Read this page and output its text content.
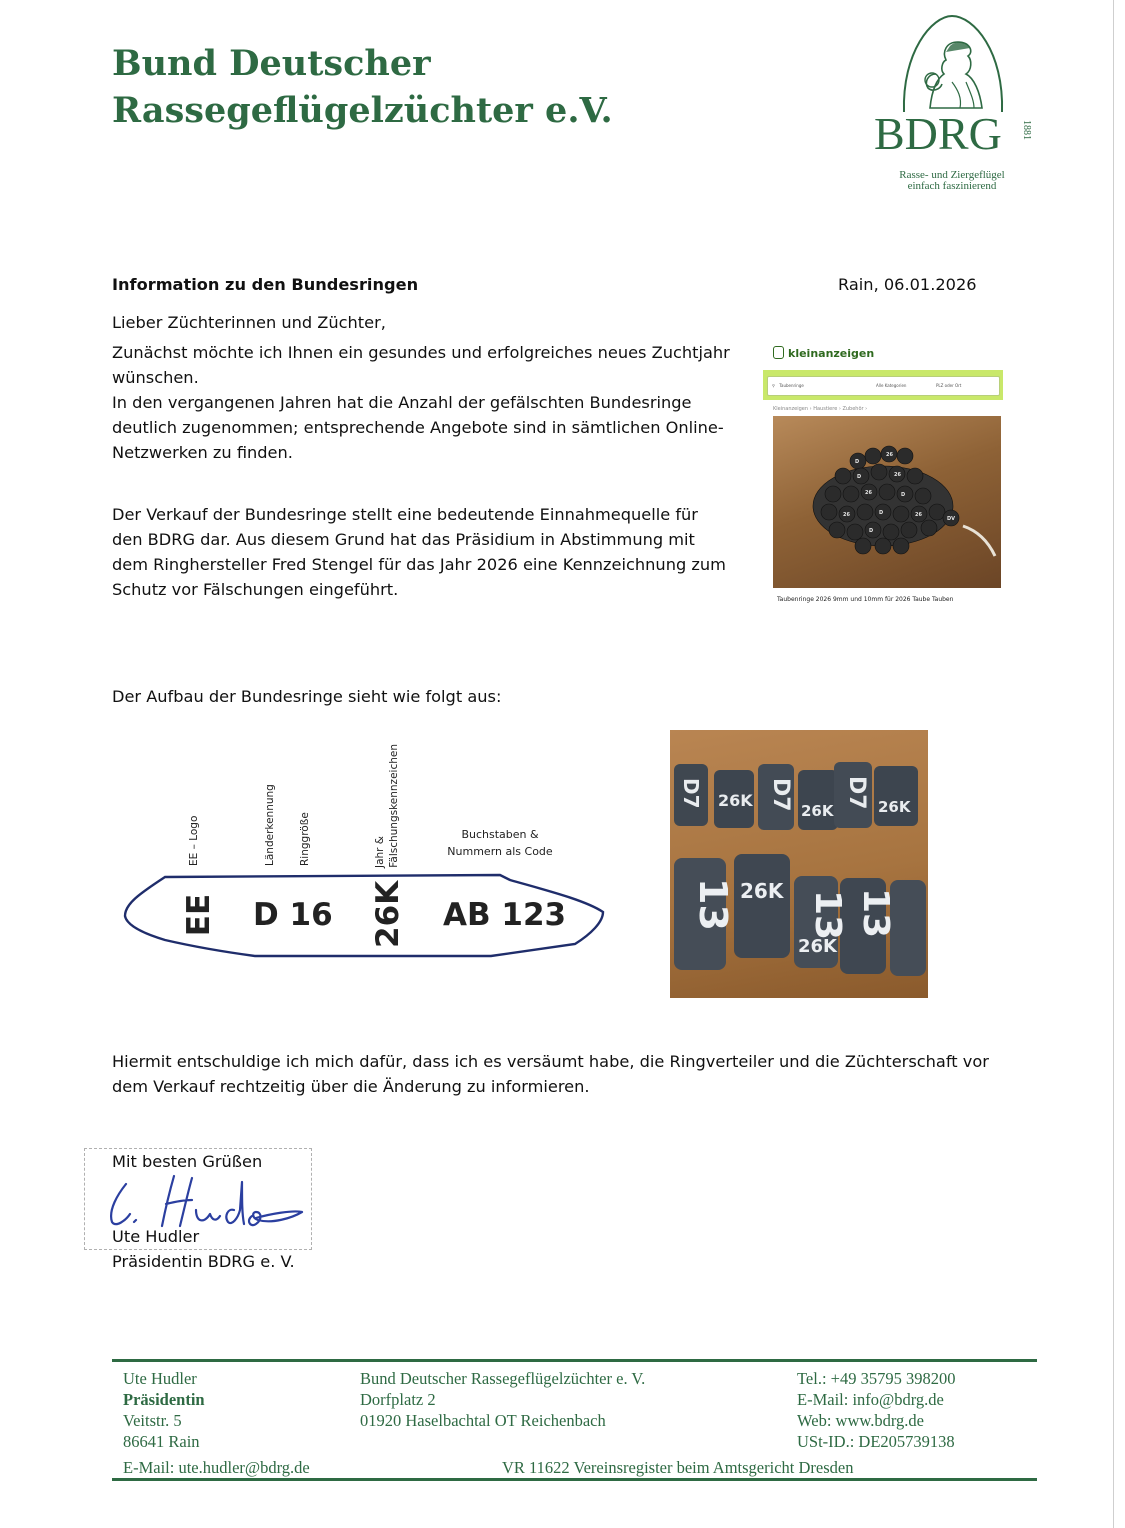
Bund Deutscher
Rassegeflügelzüchter e.V.	BDRG 1881
Rasse- und Ziergeflügel
einfach faszinierend
Information zu den Bundesringen	Rain, 06.01.2026
Lieber Züchterinnen und Züchter,
Zunächst möchte ich Ihnen ein gesundes und erfolgreiches neues Zuchtjahr
wünschen.
In den vergangenen Jahren hat die Anzahl der gefälschten Bundesringe
deutlich zugenommen; entsprechende Angebote sind in sämtlichen Online-
Netzwerken zu finden.
Der Verkauf der Bundesringe stellt eine bedeutende Einnahmequelle für
den BDRG dar. Aus diesem Grund hat das Präsidium in Abstimmung mit
dem Ringhersteller Fred Stengel für das Jahr 2026 eine Kennzeichnung zum
Schutz vor Fälschungen eingeführt.
kleinanzeigen
⚲ Taubenringe	Alle Kategorien	PLZ oder Ort
Kleinanzeigen › Haustiere › Zubehör ›
D
26
D	26
26	D
26	D	26
D
DV
Taubenringe 2026 9mm und 10mm für 2026 Taube Tauben
Der Aufbau der Bundesringe sieht wie folgt aus:
EE – Logo	Länderkennung Ringgröße	Jahr & Fälschungskennzeichen	Buchstaben &
Nummern als Code
EE D 16 26K AB 123
D7 26K D7 26K
D7 26K
13 26K 13
26K
13
Hiermit entschuldige ich mich dafür, dass ich es versäumt habe, die Ringverteiler und die Züchterschaft vor
dem Verkauf rechtzeitig über die Änderung zu informieren.
Mit besten Grüßen
Ute Hudler
Präsidentin BDRG e. V.
Ute Hudler
Präsidentin
Veitstr. 5
86641 Rain
Bund Deutscher Rassegeflügelzüchter e. V.
Dorfplatz 2
01920 Haselbachtal OT Reichenbach
Tel.: +49 35795 398200
E-Mail: info@bdrg.de
Web: www.bdrg.de
USt-ID.: DE205739138
E-Mail: ute.hudler@bdrg.de	VR 11622 Vereinsregister beim Amtsgericht Dresden
